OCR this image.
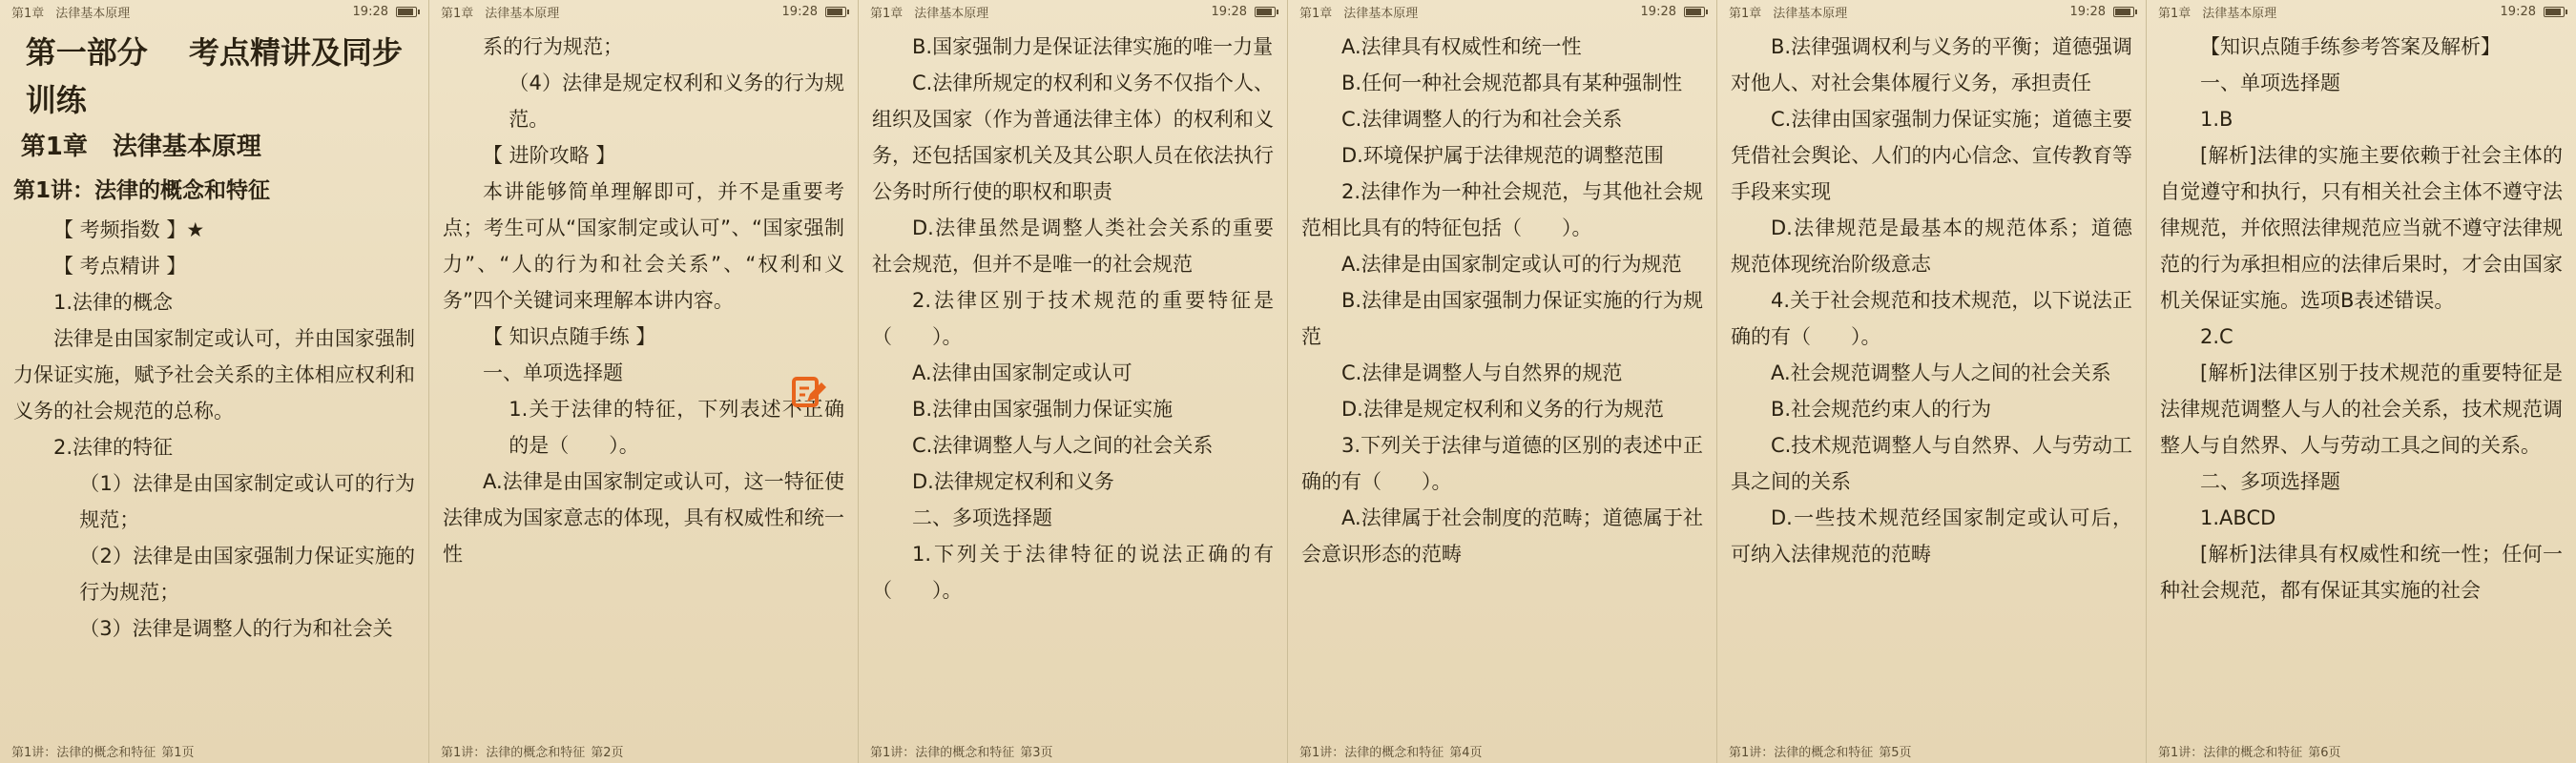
第1章 法律基本原理	19:28
第一部分　 考点精讲及同步训练
第1章　法律基本原理
第1讲：法律的概念和特征
【 考频指数 】★
【 考点精讲 】
1.法律的概念
法律是由国家制定或认可，并由国家强制力保证实施，赋予社会关系的主体相应权利和义务的社会规范的总称。
2.法律的特征
（1）法律是由国家制定或认可的行为规范；
（2）法律是由国家强制力保证实施的行为规范；
（3）法律是调整人的行为和社会关
第1讲：法律的概念和特征 第1页
第1章 法律基本原理	19:28
系的行为规范；
（4）法律是规定权利和义务的行为规范。
【 进阶攻略 】
本讲能够简单理解即可，并不是重要考点；考生可从“国家制定或认可”、“国家强制力”、“人的行为和社会关系”、“权利和义务”四个关键词来理解本讲内容。
【 知识点随手练 】
一、单项选择题
1.关于法律的特征，下列表述不正确的是（　　）。
A.法律是由国家制定或认可，这一特征使法律成为国家意志的体现，具有权威性和统一性
第1讲：法律的概念和特征 第2页
第1章 法律基本原理	19:28
B.国家强制力是保证法律实施的唯一力量
C.法律所规定的权利和义务不仅指个人、组织及国家（作为普通法律主体）的权利和义务，还包括国家机关及其公职人员在依法执行公务时所行使的职权和职责
D.法律虽然是调整人类社会关系的重要社会规范，但并不是唯一的社会规范
2.法律区别于技术规范的重要特征是（　　）。
A.法律由国家制定或认可
B.法律由国家强制力保证实施
C.法律调整人与人之间的社会关系
D.法律规定权利和义务
二、多项选择题
1.下列关于法律特征的说法正确的有（　　）。
第1讲：法律的概念和特征 第3页
第1章 法律基本原理	19:28
A.法律具有权威性和统一性
B.任何一种社会规范都具有某种强制性
C.法律调整人的行为和社会关系
D.环境保护属于法律规范的调整范围
2.法律作为一种社会规范，与其他社会规范相比具有的特征包括（　　）。
A.法律是由国家制定或认可的行为规范
B.法律是由国家强制力保证实施的行为规范
C.法律是调整人与自然界的规范
D.法律是规定权利和义务的行为规范
3.下列关于法律与道德的区别的表述中正确的有（　　）。
A.法律属于社会制度的范畴；道德属于社会意识形态的范畴
第1讲：法律的概念和特征 第4页
第1章 法律基本原理	19:28
B.法律强调权利与义务的平衡；道德强调对他人、对社会集体履行义务，承担责任
C.法律由国家强制力保证实施；道德主要凭借社会舆论、人们的内心信念、宣传教育等手段来实现
D.法律规范是最基本的规范体系；道德规范体现统治阶级意志
4.关于社会规范和技术规范，以下说法正确的有（　　）。
A.社会规范调整人与人之间的社会关系
B.社会规范约束人的行为
C.技术规范调整人与自然界、人与劳动工具之间的关系
D.一些技术规范经国家制定或认可后，可纳入法律规范的范畴
第1讲：法律的概念和特征 第5页
第1章 法律基本原理	19:28
【知识点随手练参考答案及解析】
一、单项选择题
1.B
[解析]法律的实施主要依赖于社会主体的自觉遵守和执行，只有相关社会主体不遵守法律规范，并依照法律规范应当就不遵守法律规范的行为承担相应的法律后果时，才会由国家机关保证实施。选项B表述错误。
2.C
[解析]法律区别于技术规范的重要特征是法律规范调整人与人的社会关系，技术规范调整人与自然界、人与劳动工具之间的关系。
二、多项选择题
1.ABCD
[解析]法律具有权威性和统一性；任何一种社会规范，都有保证其实施的社会
第1讲：法律的概念和特征 第6页
